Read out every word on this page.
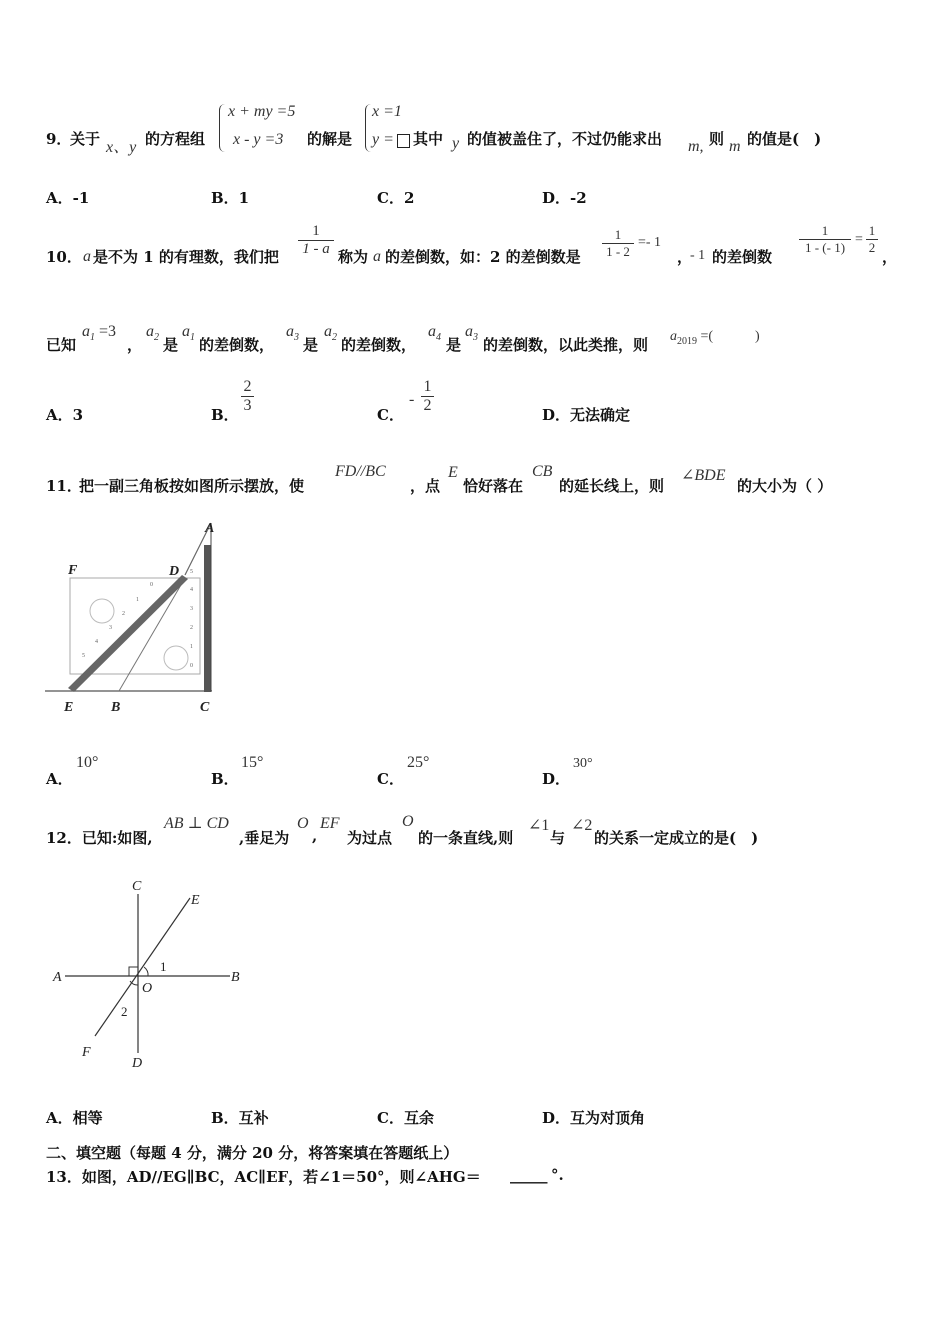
9．
关于 x、y 的方程组
x + my =5
x - y =3 的解是
x =1
y = 其中 y 的值被盖住了，不过仍能求出 m, 则 m 的值是(　)
A．-1	B．1	C．2	D．-2
10． a 是不为 1 的有理数，我们把
1
1 - a 称为 a 的差倒数，如：2 的差倒数是
1
1 - 2
=- 1
，
- 1 的差倒数
1
1 - (- 1)
=
1
2
，
已知
$a_1 =3$
，
$a_2$ 是
$a_1$ 的差倒数，
$a_3$ 是
$a_2$ 的差倒数，
$a_4$ 是
$a_3$ 的差倒数，以此类推，则 $a_{2019}$ =(　　　)
A．3	B．
2
3
C．
-
1
2
D．无法确定
11．
把一副三角板按如图所示摆放，使
FD//BC
，点
E
恰好落在
CB
的延长线上，则
∠BDE
的大小为（ ）
0
1
2
3
4
5
5
4
3
2
1
0
A
F	D
E	B	C
A．
10°
B．
15°
C．
25°
D．
30°
12．已知:如图,
AB ⊥ CD
,垂足为
O
,
EF
为过点
O
的一条直线,则
∠1
与
∠2
的关系一定成立的是(　)
C
E
A	B
O
F
D
1
2
A．相等	B．互补	C．互余	D．互为对顶角
二、填空题（每题 4 分，满分 20 分，将答案填在答题纸上）
13．如图，AD//EG∥BC，AC∥EF，若∠1＝50°，则∠AHG＝ _____ °.
